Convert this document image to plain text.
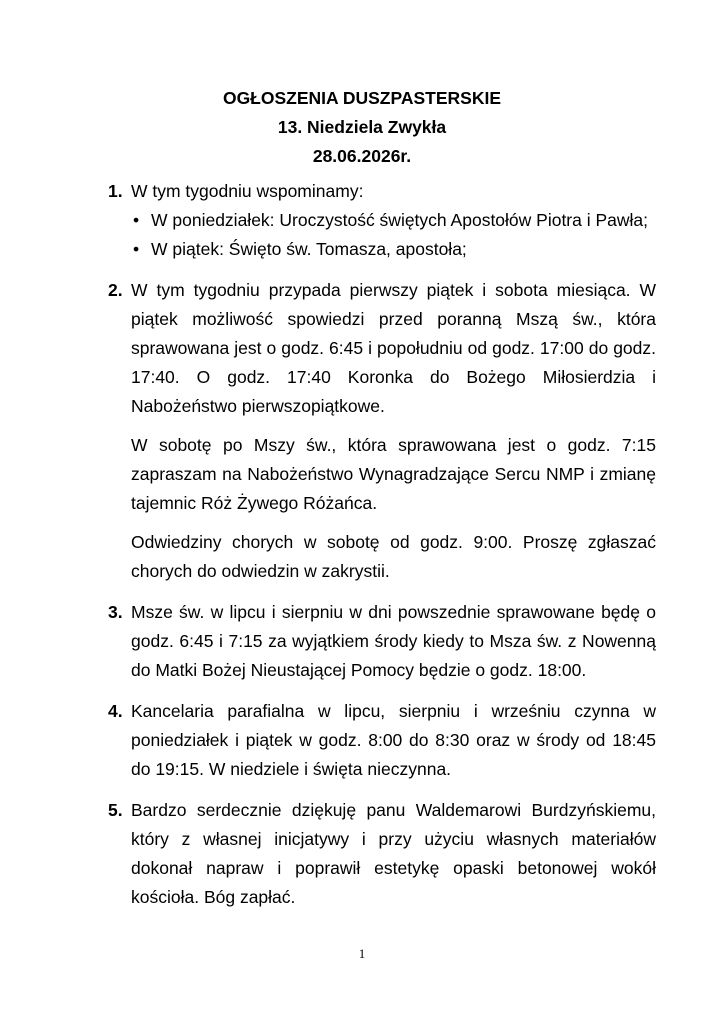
OGŁOSZENIA DUSZPASTERSKIE
13. Niedziela Zwykła
28.06.2026r.
1. W tym tygodniu wspominamy:
• W poniedziałek: Uroczystość świętych Apostołów Piotra i Pawła;
• W piątek: Święto św. Tomasza, apostoła;
2. W tym tygodniu przypada pierwszy piątek i sobota miesiąca. W piątek możliwość spowiedzi przed poranną Mszą św., która sprawowana jest o godz. 6:45 i popołudniu od godz. 17:00 do godz. 17:40. O godz. 17:40 Koronka do Bożego Miłosierdzia i Nabożeństwo pierwszopiątkowe.

W sobotę po Mszy św., która sprawowana jest o godz. 7:15 zapraszam na Nabożeństwo Wynagradzające Sercu NMP i zmianę tajemnic Róż Żywego Różańca.

Odwiedziny chorych w sobotę od godz. 9:00. Proszę zgłaszać chorych do odwiedzin w zakrystii.

3. Msze św. w lipcu i sierpniu w dni powszednie sprawowane będę o godz. 6:45 i 7:15 za wyjątkiem środy kiedy to Msza św. z Nowenną do Matki Bożej Nieustającej Pomocy będzie o godz. 18:00.

4. Kancelaria parafialna w lipcu, sierpniu i wrześniu czynna w poniedziałek i piątek w godz. 8:00 do 8:30 oraz w środy od 18:45 do 19:15. W niedziele i święta nieczynna.

5. Bardzo serdecznie dziękuję panu Waldemarowi Burdzyńskiemu, który z własnej inicjatywy i przy użyciu własnych materiałów dokonał napraw i poprawił estetykę opaski betonowej wokół kościoła. Bóg zapłać.

1
